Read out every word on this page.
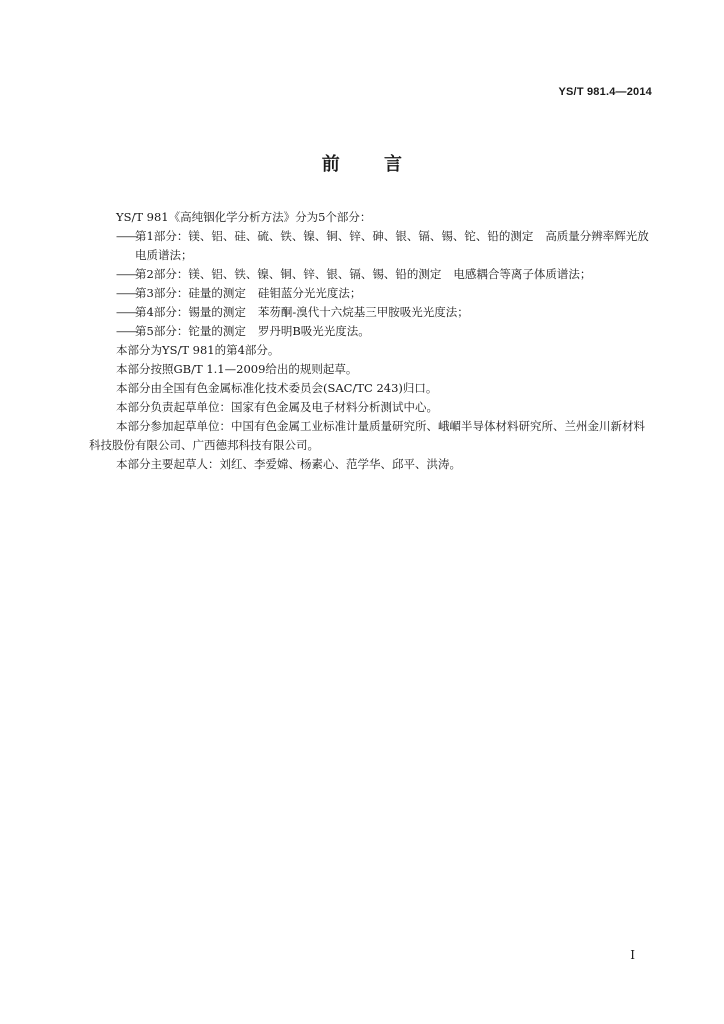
YS/T 981.4—2014
前 言

YS/T 981《高纯铟化学分析方法》分为5个部分：

——
第1部分：镁、铝、硅、硫、铁、镍、铜、锌、砷、银、镉、锡、铊、铅的测定 高质量分辨率辉光放电质谱法；
——
第2部分：镁、铝、铁、镍、铜、锌、银、镉、锡、铅的测定 电感耦合等离子体质谱法；
——
第3部分：硅量的测定 硅钼蓝分光光度法；
——
第4部分：锡量的测定 苯芴酮-溴代十六烷基三甲胺吸光光度法；
——
第5部分：铊量的测定 罗丹明B吸光光度法。

本部分为YS/T 981的第4部分。

本部分按照GB/T 1.1—2009给出的规则起草。

本部分由全国有色金属标准化技术委员会(SAC/TC 243)归口。

本部分负责起草单位：国家有色金属及电子材料分析测试中心。

本部分参加起草单位：中国有色金属工业标准计量质量研究所、峨嵋半导体材料研究所、兰州金川新材料科技股份有限公司、广西德邦科技有限公司。

本部分主要起草人：刘红、李爱嫦、杨素心、范学华、邱平、洪涛。

I
